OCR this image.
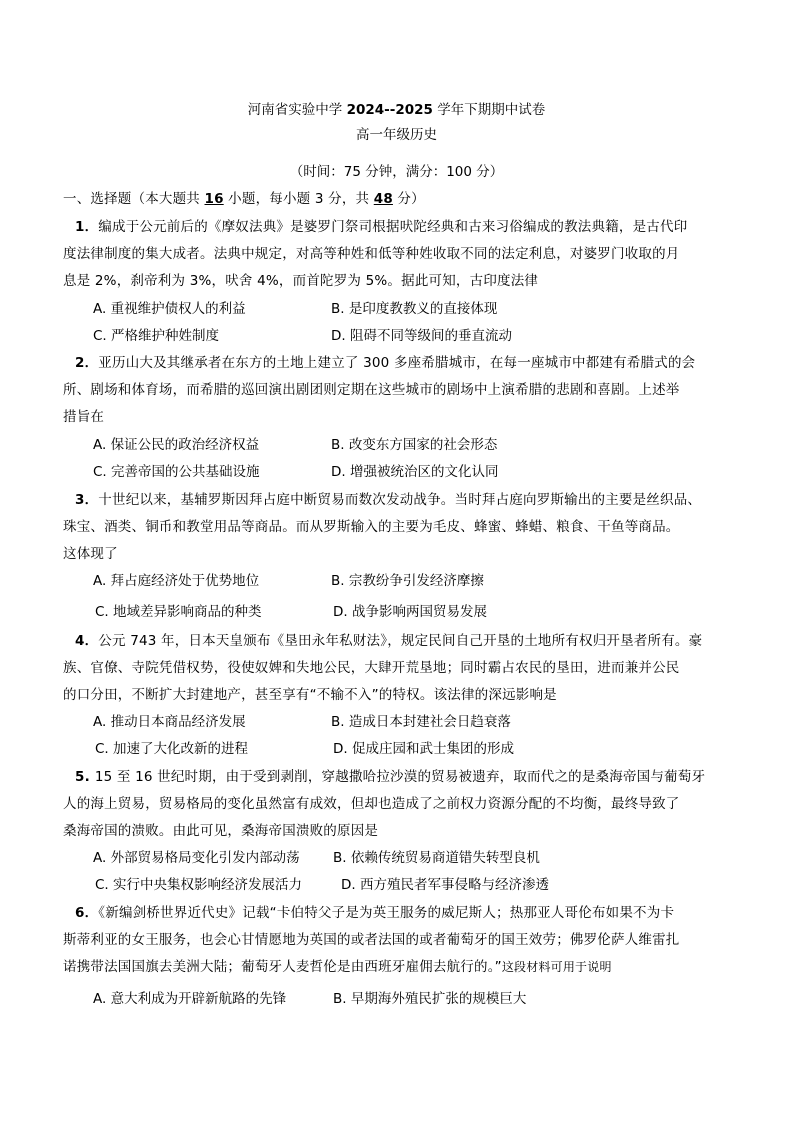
河南省实验中学 2024--2025 学年下期期中试卷
高一年级历史
（时间：75 分钟，满分：100 分）
一、选择题（本大题共 16 小题，每小题 3 分，共 48 分）
1．编成于公元前后的《摩奴法典》是婆罗门祭司根据吠陀经典和古来习俗编成的教法典籍，是古代印
度法律制度的集大成者。法典中规定，对高等种姓和低等种姓收取不同的法定利息，对婆罗门收取的月
息是 2%，刹帝利为 3%，吠舍 4%，而首陀罗为 5%。据此可知，古印度法律
A. 重视维护债权人的利益	B. 是印度教教义的直接体现
C. 严格维护种姓制度	D. 阻碍不同等级间的垂直流动
2．亚历山大及其继承者在东方的土地上建立了 300 多座希腊城市，在每一座城市中都建有希腊式的会
所、剧场和体育场，而希腊的巡回演出剧团则定期在这些城市的剧场中上演希腊的悲剧和喜剧。上述举
措旨在
A. 保证公民的政治经济权益	B. 改变东方国家的社会形态
C. 完善帝国的公共基础设施	D. 增强被统治区的文化认同
3．十世纪以来，基辅罗斯因拜占庭中断贸易而数次发动战争。当时拜占庭向罗斯输出的主要是丝织品、
珠宝、酒类、铜币和教堂用品等商品。而从罗斯输入的主要为毛皮、蜂蜜、蜂蜡、粮食、干鱼等商品。
这体现了
A. 拜占庭经济处于优势地位	B. 宗教纷争引发经济摩擦
C. 地域差异影响商品的种类	D. 战争影响两国贸易发展
4．公元 743 年，日本天皇颁布《垦田永年私财法》，规定民间自己开垦的土地所有权归开垦者所有。豪
族、官僚、寺院凭借权势，役使奴婢和失地公民，大肆开荒垦地；同时霸占农民的垦田，进而兼并公民
的口分田，不断扩大封建地产，甚至享有“不输不入”的特权。该法律的深远影响是
A. 推动日本商品经济发展	B. 造成日本封建社会日趋衰落
C. 加速了大化改新的进程	D. 促成庄园和武士集团的形成
5. 15 至 16 世纪时期，由于受到剥削，穿越撒哈拉沙漠的贸易被遗弃，取而代之的是桑海帝国与葡萄牙
人的海上贸易，贸易格局的变化虽然富有成效，但却也造成了之前权力资源分配的不均衡，最终导致了
桑海帝国的溃败。由此可见，桑海帝国溃败的原因是
A. 外部贸易格局变化引发内部动荡 B. 依赖传统贸易商道错失转型良机
C. 实行中央集权影响经济发展活力	D. 西方殖民者军事侵略与经济渗透
6．《新编剑桥世界近代史》记载“卡伯特父子是为英王服务的威尼斯人；热那亚人哥伦布如果不为卡
斯蒂利亚的女王服务，也会心甘情愿地为英国的或者法国的或者葡萄牙的国王效劳；佛罗伦萨人维雷扎
诺携带法国国旗去美洲大陆；葡萄牙人麦哲伦是由西班牙雇佣去航行的。”这段材料可用于说明
A. 意大利成为开辟新航路的先锋	B. 早期海外殖民扩张的规模巨大
